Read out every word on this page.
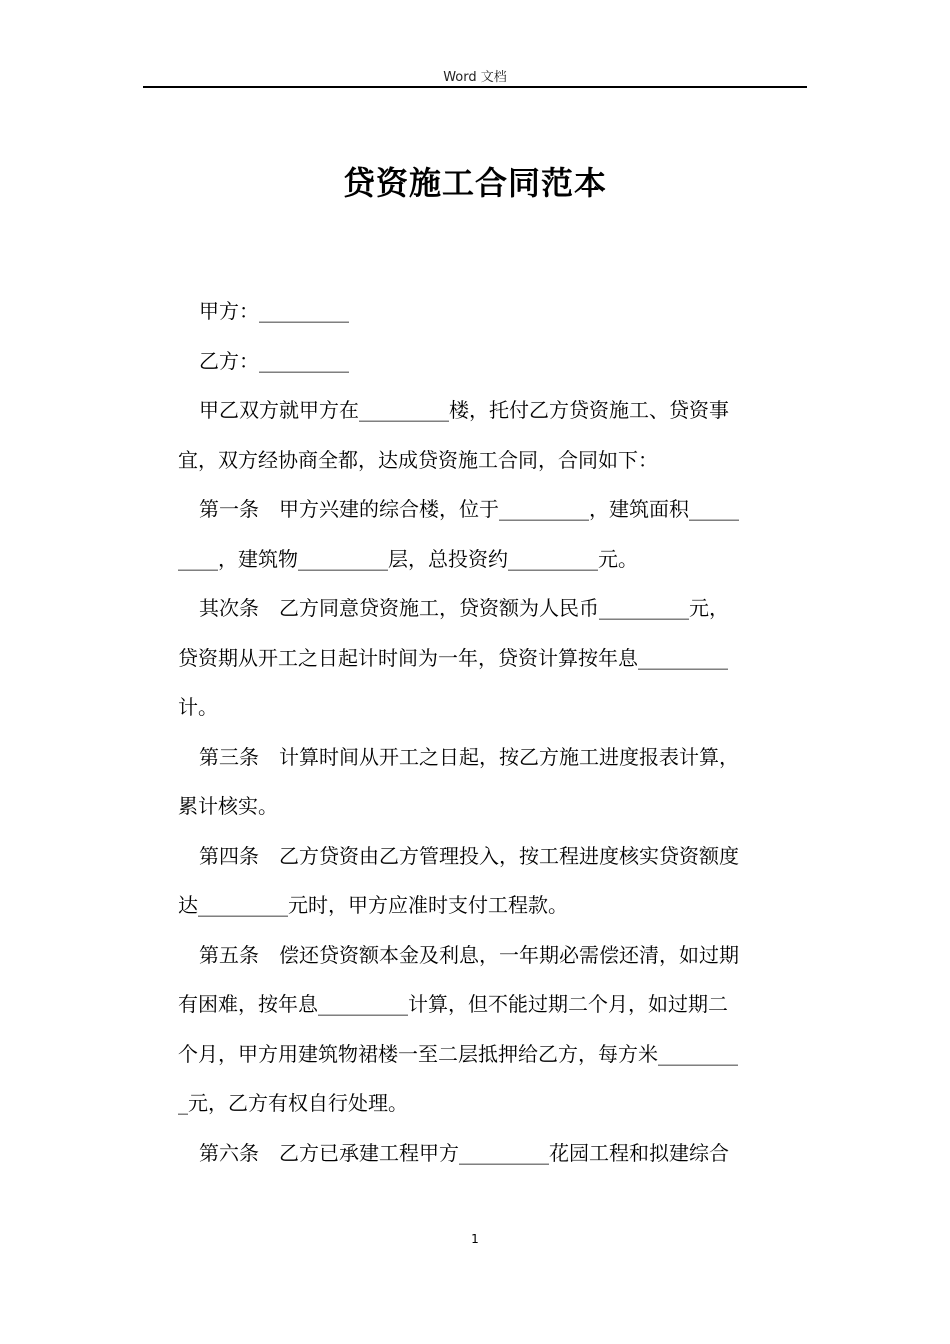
Word 文档
贷资施工合同范本
甲方：_________
乙方：_________
甲乙双方就甲方在_________楼，托付乙方贷资施工、贷资事
宜，双方经协商全都，达成贷资施工合同，合同如下：
第一条　甲方兴建的综合楼，位于_________，建筑面积_____
____，建筑物_________层，总投资约_________元。
其次条　乙方同意贷资施工，贷资额为人民币_________元，
贷资期从开工之日起计时间为一年，贷资计算按年息_________
计。
第三条　计算时间从开工之日起，按乙方施工进度报表计算，
累计核实。
第四条　乙方贷资由乙方管理投入，按工程进度核实贷资额度
达_________元时，甲方应准时支付工程款。
第五条　偿还贷资额本金及利息，一年期必需偿还清，如过期
有困难，按年息_________计算，但不能过期二个月，如过期二
个月，甲方用建筑物裙楼一至二层抵押给乙方，每方米________
_元，乙方有权自行处理。
第六条　乙方已承建工程甲方_________花园工程和拟建综合
1
